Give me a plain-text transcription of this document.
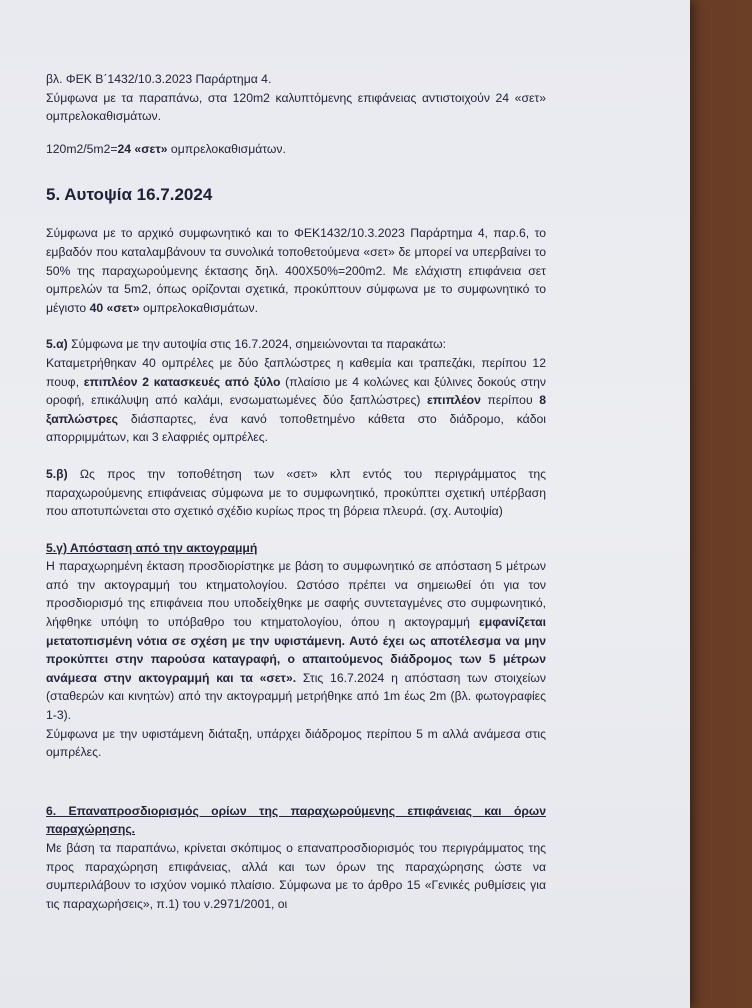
βλ. ΦΕΚ Β΄1432/10.3.2023 Παράρτημα 4.
Σύμφωνα με τα παραπάνω, στα 120m2 καλυπτόμενης επιφάνειας αντιστοιχούν 24 «σετ» ομπρελοκαθισμάτων.

120m2/5m2=24 «σετ» ομπρελοκαθισμάτων.

5. Αυτοψία 16.7.2024

Σύμφωνα με το αρχικό συμφωνητικό και το ΦΕΚ1432/10.3.2023 Παράρτημα 4, παρ.6, το εμβαδόν που καταλαμβάνουν τα συνολικά τοποθετούμενα «σετ» δε μπορεί να υπερβαίνει το 50% της παραχωρούμενης έκτασης δηλ. 400Χ50%=200m2. Με ελάχιστη επιφάνεια σετ ομπρελών τα 5m2, όπως ορίζονται σχετικά, προκύπτουν σύμφωνα με το συμφωνητικό το μέγιστο 40 «σετ» ομπρελοκαθισμάτων.

5.α) Σύμφωνα με την αυτοψία στις 16.7.2024, σημειώνονται τα παρακάτω:
Καταμετρήθηκαν 40 ομπρέλες με δύο ξαπλώστρες η καθεμία και τραπεζάκι, περίπου 12 πουφ, επιπλέον 2 κατασκευές από ξύλο (πλαίσιο με 4 κολώνες και ξύλινες δοκούς στην οροφή, επικάλυψη από καλάμι, ενσωματωμένες δύο ξαπλώστρες) επιπλέον περίπου 8 ξαπλώστρες διάσπαρτες, ένα κανό τοποθετημένο κάθετα στο διάδρομο, κάδοι απορριμμάτων, και 3 ελαφριές ομπρέλες.

5.β) Ως προς την τοποθέτηση των «σετ» κλπ εντός του περιγράμματος της παραχωρούμενης επιφάνειας σύμφωνα με το συμφωνητικό, προκύπτει σχετική υπέρβαση που αποτυπώνεται στο σχετικό σχέδιο κυρίως προς τη βόρεια πλευρά. (σχ. Αυτοψία)

5.γ) Απόσταση από την ακτογραμμή

Η παραχωρημένη έκταση προσδιορίστηκε με βάση το συμφωνητικό σε απόσταση 5 μέτρων από την ακτογραμμή του κτηματολογίου. Ωστόσο πρέπει να σημειωθεί ότι για τον προσδιορισμό της επιφάνεια που υποδείχθηκε με σαφής συντεταγμένες στο συμφωνητικό, λήφθηκε υπόψη το υπόβαθρο του κτηματολογίου, όπου η ακτογραμμή εμφανίζεται μετατοπισμένη νότια σε σχέση με την υφιστάμενη. Αυτό έχει ως αποτέλεσμα να μην προκύπτει στην παρούσα καταγραφή, ο απαιτούμενος διάδρομος των 5 μέτρων ανάμεσα στην ακτογραμμή και τα «σετ». Στις 16.7.2024 η απόσταση των στοιχείων (σταθερών και κινητών) από την ακτογραμμή μετρήθηκε από 1m έως 2m (βλ. φωτογραφίες 1-3).
Σύμφωνα με την υφιστάμενη διάταξη, υπάρχει διάδρομος περίπου 5 m αλλά ανάμεσα στις ομπρέλες.

6. Επαναπροσδιορισμός ορίων της παραχωρούμενης επιφάνειας και όρων παραχώρησης.

Με βάση τα παραπάνω, κρίνεται σκόπιμος ο επαναπροσδιορισμός του περιγράμματος της προς παραχώρηση επιφάνειας, αλλά και των όρων της παραχώρησης ώστε να συμπεριλάβουν το ισχύον νομικό πλαίσιο. Σύμφωνα με το άρθρο 15 «Γενικές ρυθμίσεις για τις παραχωρήσεις», π.1) του ν.2971/2001, οι
